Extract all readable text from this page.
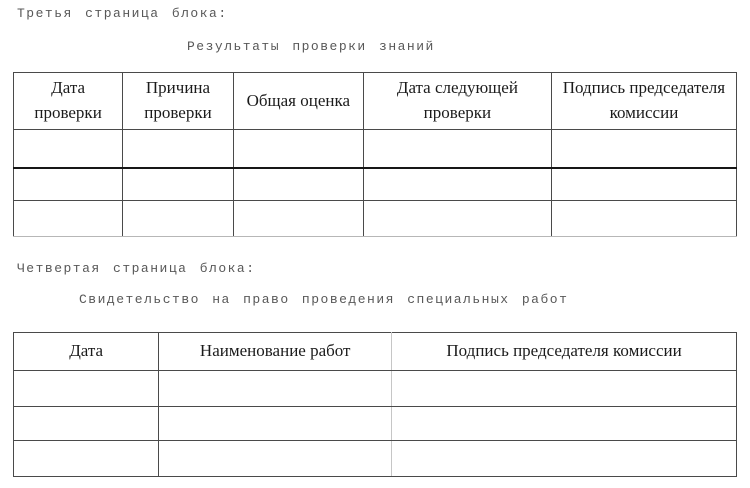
Третья страница блока:
Результаты проверки знаний
Дата проверки	Причина проверки	Общая оценка	Дата следующей проверки	Подпись председателя комиссии

Четвертая страница блока:
Свидетельство на право проведения специальных работ
Дата	Наименование работ	Подпись председателя комиссии
